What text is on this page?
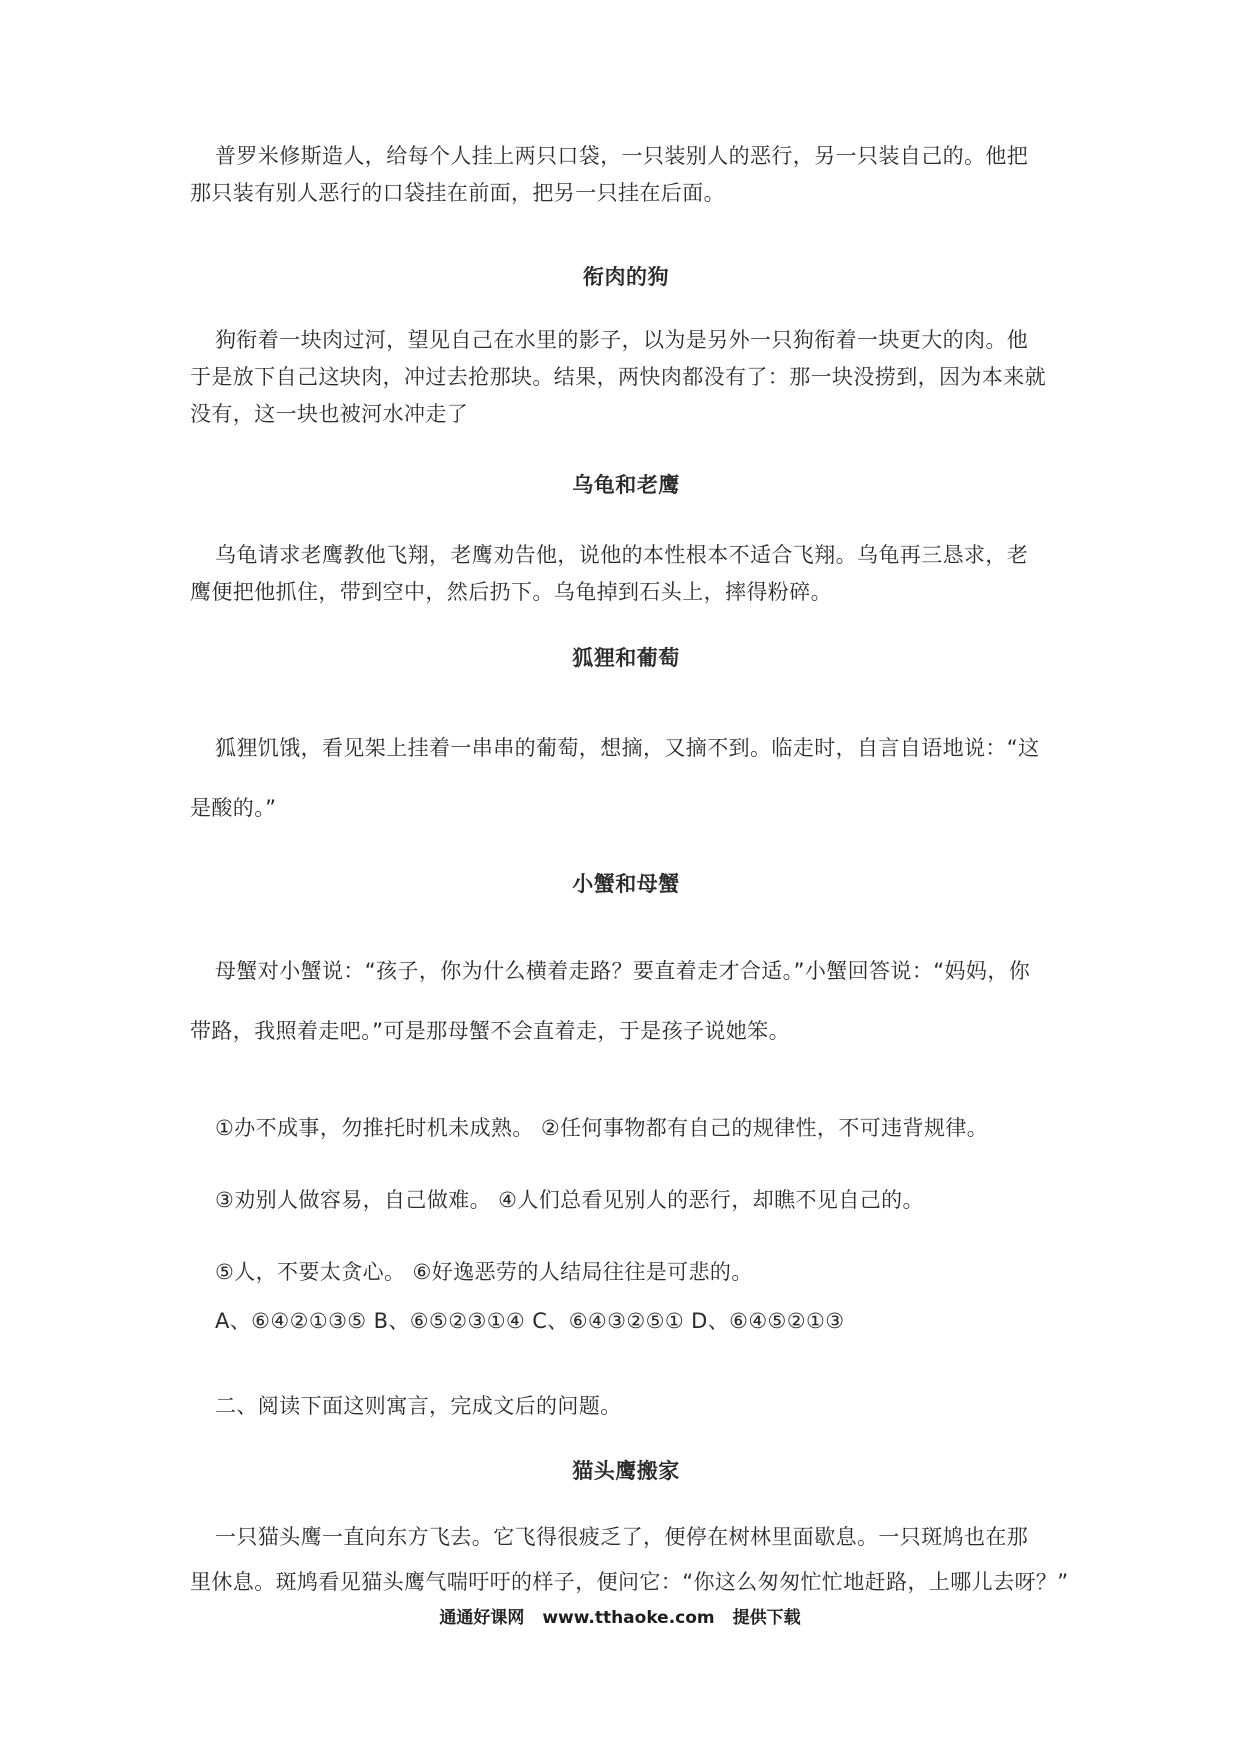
普罗米修斯造人，给每个人挂上两只口袋，一只装别人的恶行，另一只装自己的。他把
那只装有别人恶行的口袋挂在前面，把另一只挂在后面。

衔肉的狗

狗衔着一块肉过河，望见自己在水里的影子，以为是另外一只狗衔着一块更大的肉。他
于是放下自己这块肉，冲过去抢那块。结果，两快肉都没有了：那一块没捞到，因为本来就
没有，这一块也被河水冲走了

乌龟和老鹰

乌龟请求老鹰教他飞翔，老鹰劝告他，说他的本性根本不适合飞翔。乌龟再三恳求，老
鹰便把他抓住，带到空中，然后扔下。乌龟掉到石头上，摔得粉碎。

狐狸和葡萄

狐狸饥饿，看见架上挂着一串串的葡萄，想摘，又摘不到。临走时，自言自语地说：“这
是酸的。”

小蟹和母蟹

母蟹对小蟹说：“孩子，你为什么横着走路？要直着走才合适。”小蟹回答说：“妈妈，你
带路，我照着走吧。”可是那母蟹不会直着走，于是孩子说她笨。

①办不成事，勿推托时机未成熟。 ②任何事物都有自己的规律性，不可违背规律。
③劝别人做容易，自己做难。 ④人们总看见别人的恶行，却瞧不见自己的。
⑤人，不要太贪心。 ⑥好逸恶劳的人结局往往是可悲的。

A、⑥④②①③⑤ B、⑥⑤②③①④ C、⑥④③②⑤① D、⑥④⑤②①③

二、阅读下面这则寓言，完成文后的问题。

猫头鹰搬家

一只猫头鹰一直向东方飞去。它飞得很疲乏了，便停在树林里面歇息。一只斑鸠也在那
里休息。斑鸠看见猫头鹰气喘吁吁的样子，便问它：“你这么匆匆忙忙地赶路，上哪儿去呀？”

通通好课网 www.tthaoke.com 提供下载
